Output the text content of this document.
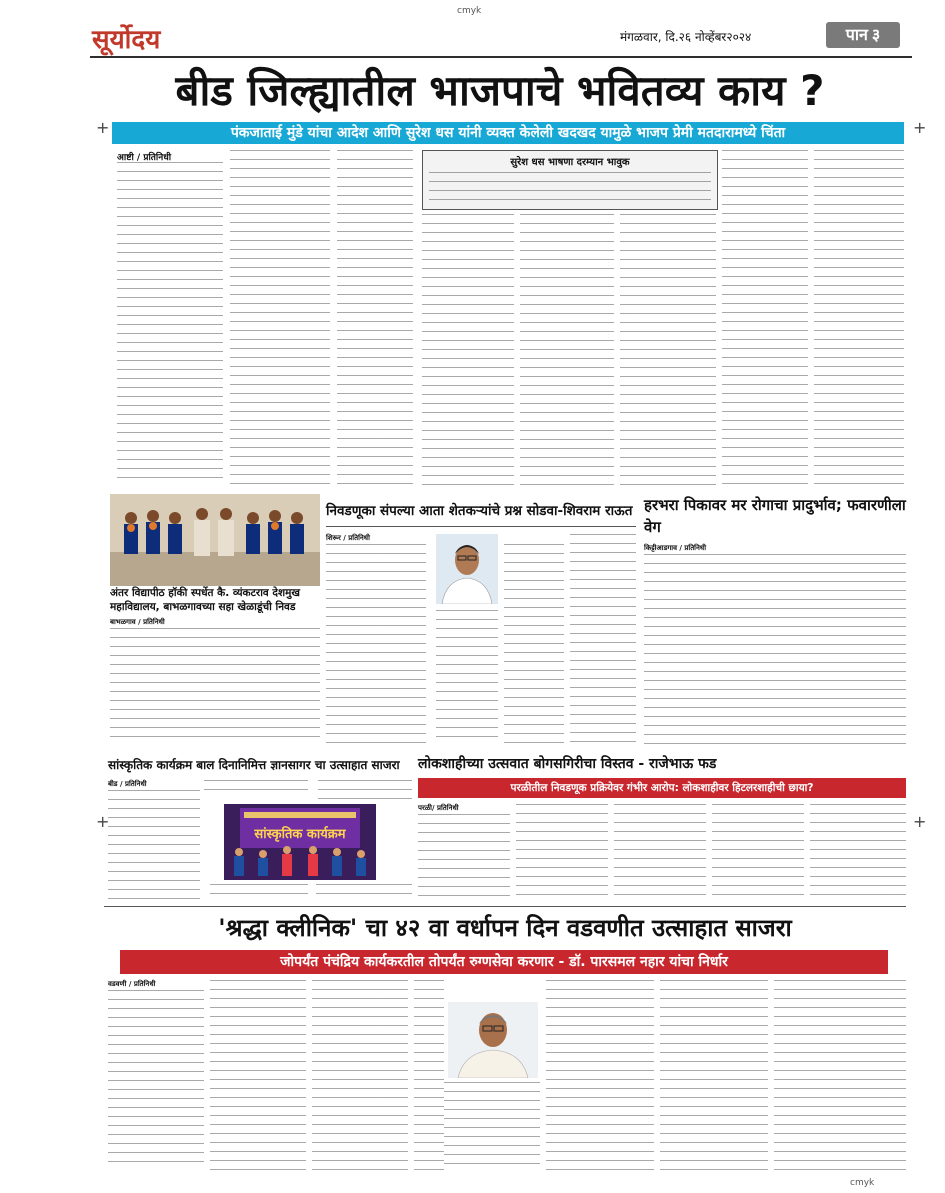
cmyk
सूर्योदय	मंगळवार, दि.२६ नोव्हेंबर२०२४	पान ३
+	+
+	+
बीड जिल्ह्यातील भाजपाचे भवितव्य काय ?
पंकजाताई मुंडे यांचा आदेश आणि सुरेश धस यांनी व्यक्त केलेली खदखद यामुळे भाजप प्रेमी मतदारामध्ये चिंता
आष्टी / प्रतिनिधी	सुरेश धस भाषणा दरम्यान भावुक
अंतर विद्यापीठ हॉकी स्पर्धेत कै. व्यंकटराव देशमुख महाविद्यालय, बाभळगावच्या सहा खेळाडूंची निवड
बाभळगाव / प्रतिनिधी
निवडणूका संपल्या आता शेतकऱ्यांचे प्रश्न सोडवा-शिवराम राऊत
शिरूर / प्रतिनिधी
हरभरा पिकावर मर रोगाचा प्रादुर्भाव; फवारणीला वेग
किट्टीआडगाव / प्रतिनिधी
सांस्कृतिक कार्यक्रम बाल दिनानिमित्त ज्ञानसागर चा उत्साहात साजरा
बीड / प्रतिनिधी
सांस्कृतिक कार्यक्रम
लोकशाहीच्या उत्सवात बोगसगिरीचा विस्तव - राजेभाऊ फड
परळीतील निवडणूक प्रक्रियेवर गंभीर आरोप: लोकशाहीवर हिटलरशाहीची छाया?
परळी/ प्रतिनिधी
'श्रद्धा क्लीनिक' चा ४२ वा वर्धापन दिन वडवणीत उत्साहात साजरा
जोपर्यंत पंचंद्रिय कार्यकरतील तोपर्यंत रुग्णसेवा करणार - डॉ. पारसमल नहार यांचा निर्धार
वडवणी / प्रतिनिधी
cmyk
